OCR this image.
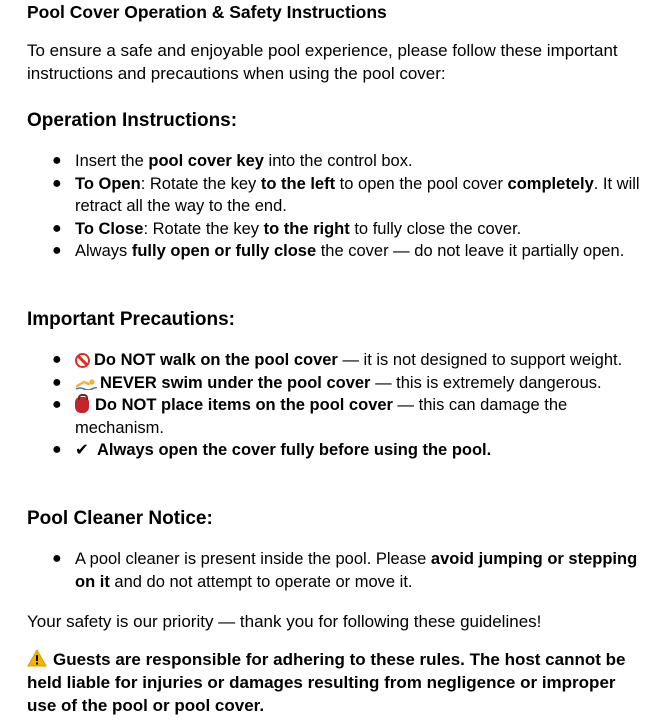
Pool Cover Operation & Safety Instructions

To ensure a safe and enjoyable pool experience, please follow these important instructions and precautions when using the pool cover:

Operation Instructions:
● Insert the pool cover key into the control box.
● To Open: Rotate the key to the left to open the pool cover completely. It will retract all the way to the end.
● To Close: Rotate the key to the right to fully close the cover.
● Always fully open or fully close the cover — do not leave it partially open.
Important Precautions:
● Do NOT walk on the pool cover — it is not designed to support weight.
● NEVER swim under the pool cover — this is extremely dangerous.
● Do NOT place items on the pool cover — this can damage the mechanism.
● ✔ Always open the cover fully before using the pool.
Pool Cleaner Notice:
● A pool cleaner is present inside the pool. Please avoid jumping or stepping on it and do not attempt to operate or move it.

Your safety is our priority — thank you for following these guidelines!

Guests are responsible for adhering to these rules. The host cannot be held liable for injuries or damages resulting from negligence or improper use of the pool or pool cover.
